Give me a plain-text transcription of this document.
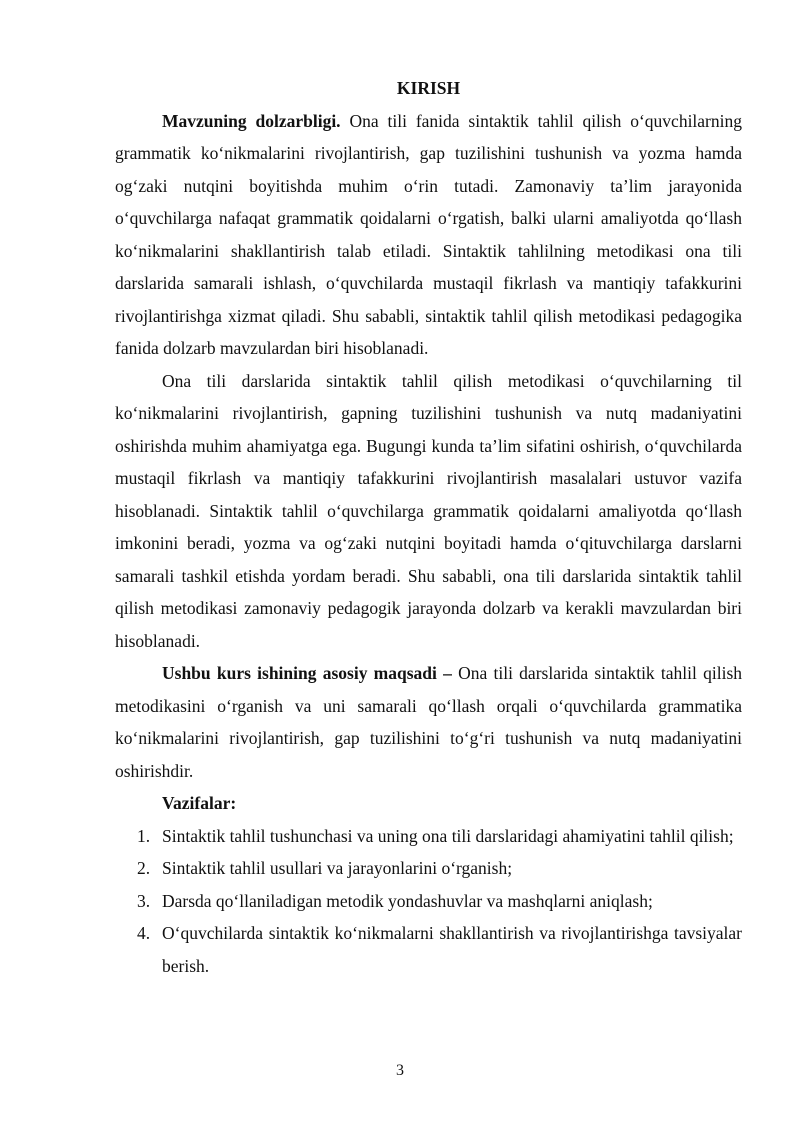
KIRISH

Mavzuning dolzarbligi. Ona tili fanida sintaktik tahlil qilish o‘quvchilarning grammatik ko‘nikmalarini rivojlantirish, gap tuzilishini tushunish va yozma hamda og‘zaki nutqini boyitishda muhim o‘rin tutadi. Zamonaviy ta’lim jarayonida o‘quvchilarga nafaqat grammatik qoidalarni o‘rgatish, balki ularni amaliyotda qo‘llash ko‘nikmalarini shakllantirish talab etiladi. Sintaktik tahlilning metodikasi ona tili darslarida samarali ishlash, o‘quvchilarda mustaqil fikrlash va mantiqiy tafakkurini rivojlantirishga xizmat qiladi. Shu sababli, sintaktik tahlil qilish metodikasi pedagogika fanida dolzarb mavzulardan biri hisoblanadi.

Ona tili darslarida sintaktik tahlil qilish metodikasi o‘quvchilarning til ko‘nikmalarini rivojlantirish, gapning tuzilishini tushunish va nutq madaniyatini oshirishda muhim ahamiyatga ega. Bugungi kunda ta’lim sifatini oshirish, o‘quvchilarda mustaqil fikrlash va mantiqiy tafakkurini rivojlantirish masalalari ustuvor vazifa hisoblanadi. Sintaktik tahlil o‘quvchilarga grammatik qoidalarni amaliyotda qo‘llash imkonini beradi, yozma va og‘zaki nutqini boyitadi hamda o‘qituvchilarga darslarni samarali tashkil etishda yordam beradi. Shu sababli, ona tili darslarida sintaktik tahlil qilish metodikasi zamonaviy pedagogik jarayonda dolzarb va kerakli mavzulardan biri hisoblanadi.

Ushbu kurs ishining asosiy maqsadi – Ona tili darslarida sintaktik tahlil qilish metodikasini o‘rganish va uni samarali qo‘llash orqali o‘quvchilarda grammatika ko‘nikmalarini rivojlantirish, gap tuzilishini to‘g‘ri tushunish va nutq madaniyatini oshirishdir.

Vazifalar:

1. Sintaktik tahlil tushunchasi va uning ona tili darslaridagi ahamiyatini tahlil qilish;
2. Sintaktik tahlil usullari va jarayonlarini o‘rganish;
3. Darsda qo‘llaniladigan metodik yondashuvlar va mashqlarni aniqlash;
4. O‘quvchilarda sintaktik ko‘nikmalarni shakllantirish va rivojlantirishga tavsiyalar berish.
3
